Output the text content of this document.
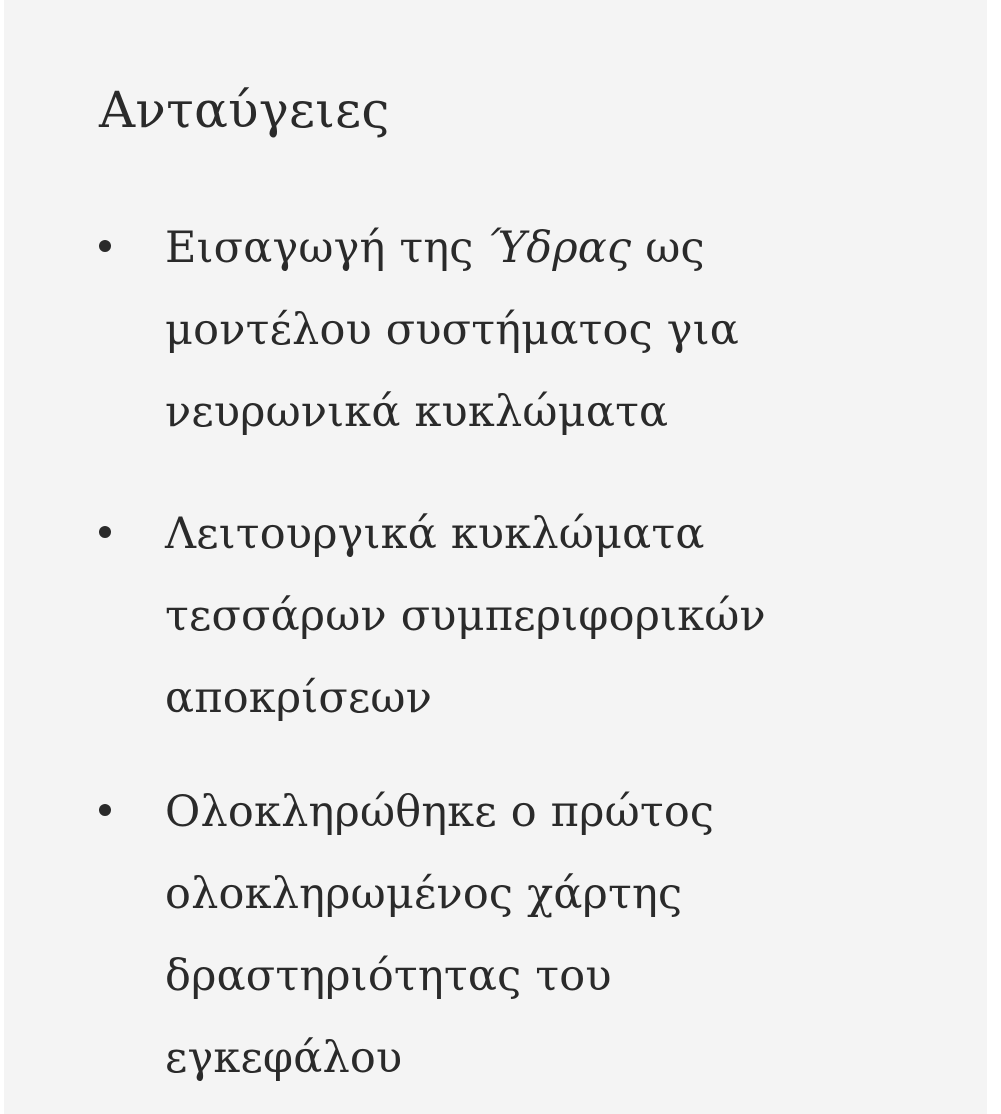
Ανταύγειες
Εισαγωγή της Ύδρας ως
μοντέλου συστήματος για
νευρωνικά κυκλώματα
Λειτουργικά κυκλώματα
τεσσάρων συμπεριφορικών
αποκρίσεων
Ολοκληρώθηκε ο πρώτος
ολοκληρωμένος χάρτης
δραστηριότητας του
εγκεφάλου
